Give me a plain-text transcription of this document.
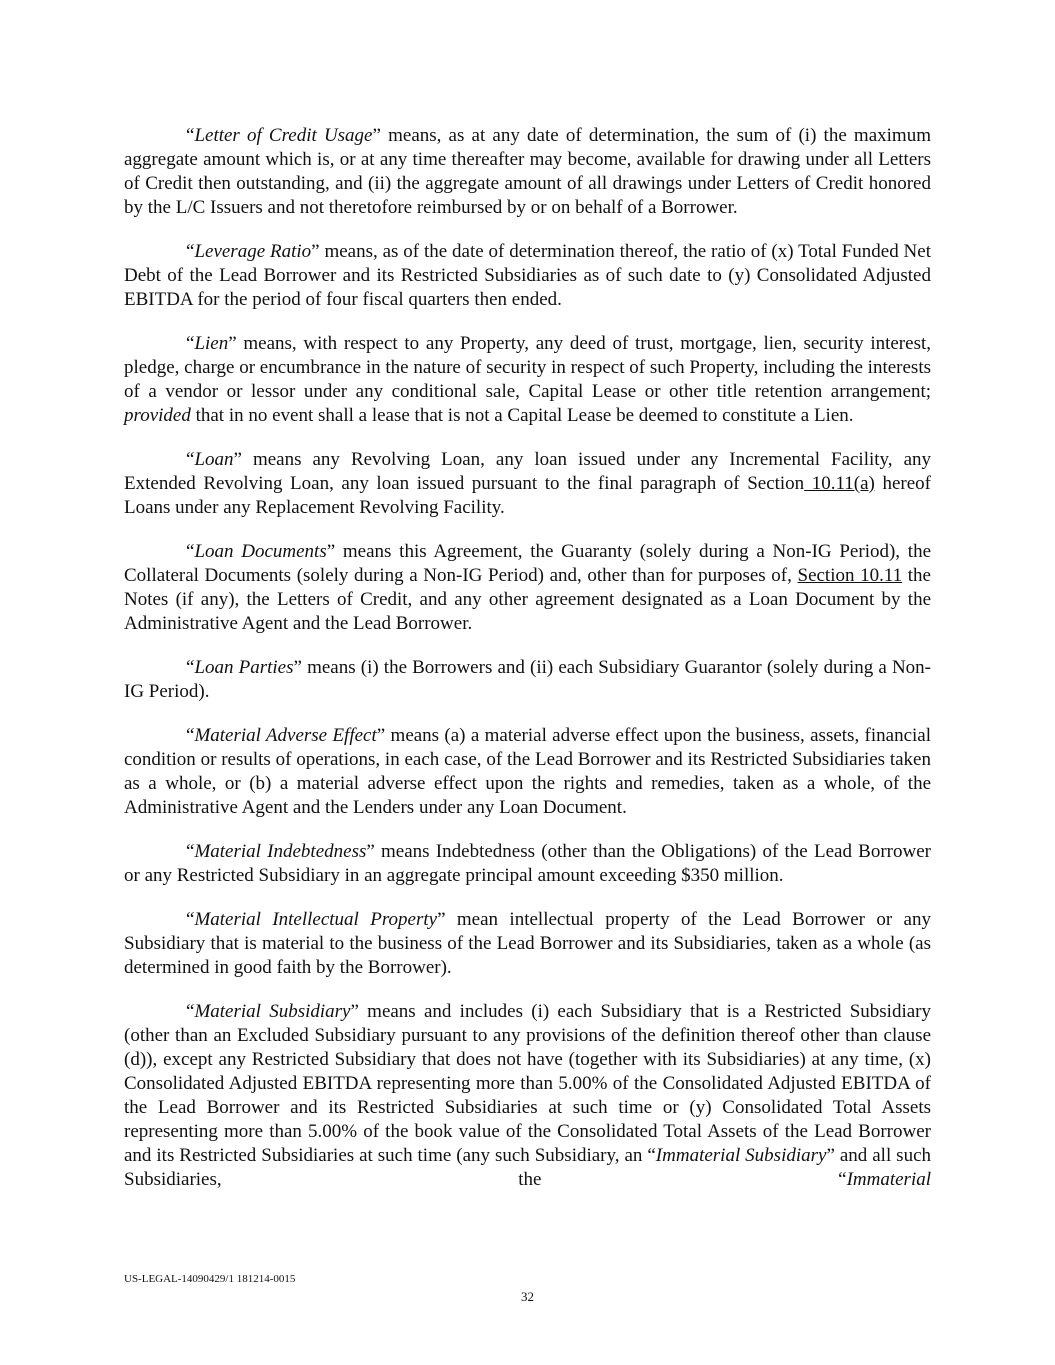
“Letter of Credit Usage” means, as at any date of determination, the sum of (i) the maximum aggregate amount which is, or at any time thereafter may become, available for drawing under all Letters of Credit then outstanding, and (ii) the aggregate amount of all drawings under Letters of Credit honored by the L/C Issuers and not theretofore reimbursed by or on behalf of a Borrower.

“Leverage Ratio” means, as of the date of determination thereof, the ratio of (x) Total Funded Net Debt of the Lead Borrower and its Restricted Subsidiaries as of such date to (y) Consolidated Adjusted EBITDA for the period of four fiscal quarters then ended.

“Lien” means, with respect to any Property, any deed of trust, mortgage, lien, security interest, pledge, charge or encumbrance in the nature of security in respect of such Property, including the interests of a vendor or lessor under any conditional sale, Capital Lease or other title retention arrangement; provided that in no event shall a lease that is not a Capital Lease be deemed to constitute a Lien.

“Loan” means any Revolving Loan, any loan issued under any Incremental Facility, any Extended Revolving Loan, any loan issued pursuant to the final paragraph of Section 10.11(a) hereof Loans under any Replacement Revolving Facility.

“Loan Documents” means this Agreement, the Guaranty (solely during a Non-IG Period), the Collateral Documents (solely during a Non-IG Period) and, other than for purposes of, Section 10.11 the Notes (if any), the Letters of Credit, and any other agreement designated as a Loan Document by the Administrative Agent and the Lead Borrower.

“Loan Parties” means (i) the Borrowers and (ii) each Subsidiary Guarantor (solely during a Non-IG Period).

“Material Adverse Effect” means (a) a material adverse effect upon the business, assets, financial condition or results of operations, in each case, of the Lead Borrower and its Restricted Subsidiaries taken as a whole, or (b) a material adverse effect upon the rights and remedies, taken as a whole, of the Administrative Agent and the Lenders under any Loan Document.

“Material Indebtedness” means Indebtedness (other than the Obligations) of the Lead Borrower or any Restricted Subsidiary in an aggregate principal amount exceeding $350 million.

“Material Intellectual Property” mean intellectual property of the Lead Borrower or any Subsidiary that is material to the business of the Lead Borrower and its Subsidiaries, taken as a whole (as determined in good faith by the Borrower).

“Material Subsidiary” means and includes (i) each Subsidiary that is a Restricted Subsidiary (other than an Excluded Subsidiary pursuant to any provisions of the definition thereof other than clause (d)), except any Restricted Subsidiary that does not have (together with its Subsidiaries) at any time, (x) Consolidated Adjusted EBITDA representing more than 5.00% of the Consolidated Adjusted EBITDA of the Lead Borrower and its Restricted Subsidiaries at such time or (y) Consolidated Total Assets representing more than 5.00% of the book value of the Consolidated Total Assets of the Lead Borrower and its Restricted Subsidiaries at such time (any such Subsidiary, an “Immaterial Subsidiary” and all such Subsidiaries, the “Immaterial

US-LEGAL-14090429/1 181214-0015
32
